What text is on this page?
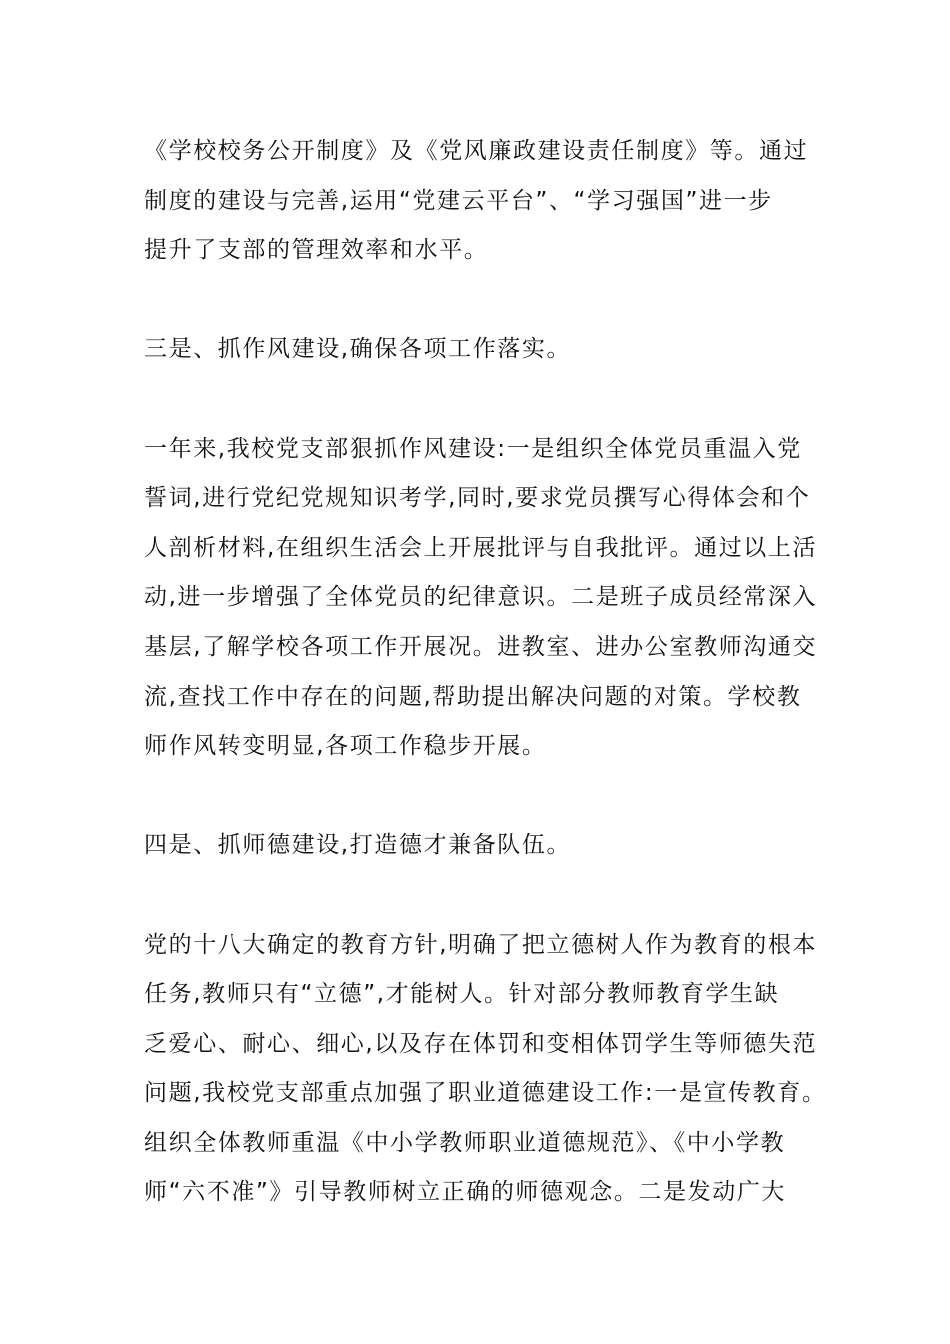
《学校校务公开制度》及《党风廉政建设责任制度》等。通过
制度的建设与完善,运用“党建云平台”、“学习强国”进一步
提升了支部的管理效率和水平。

三是、抓作风建设,确保各项工作落实。

一年来,我校党支部狠抓作风建设:一是组织全体党员重温入党
誓词,进行党纪党规知识考学,同时,要求党员撰写心得体会和个
人剖析材料,在组织生活会上开展批评与自我批评。通过以上活
动,进一步增强了全体党员的纪律意识。二是班子成员经常深入
基层,了解学校各项工作开展况。进教室、进办公室教师沟通交
流,查找工作中存在的问题,帮助提出解决问题的对策。学校教
师作风转变明显,各项工作稳步开展。

四是、抓师德建设,打造德才兼备队伍。

党的十八大确定的教育方针,明确了把立德树人作为教育的根本
任务,教师只有“立德”,才能树人。针对部分教师教育学生缺
乏爱心、耐心、细心,以及存在体罚和变相体罚学生等师德失范
问题,我校党支部重点加强了职业道德建设工作:一是宣传教育。
组织全体教师重温《中小学教师职业道德规范》、《中小学教
师“六不准”》引导教师树立正确的师德观念。二是发动广大
